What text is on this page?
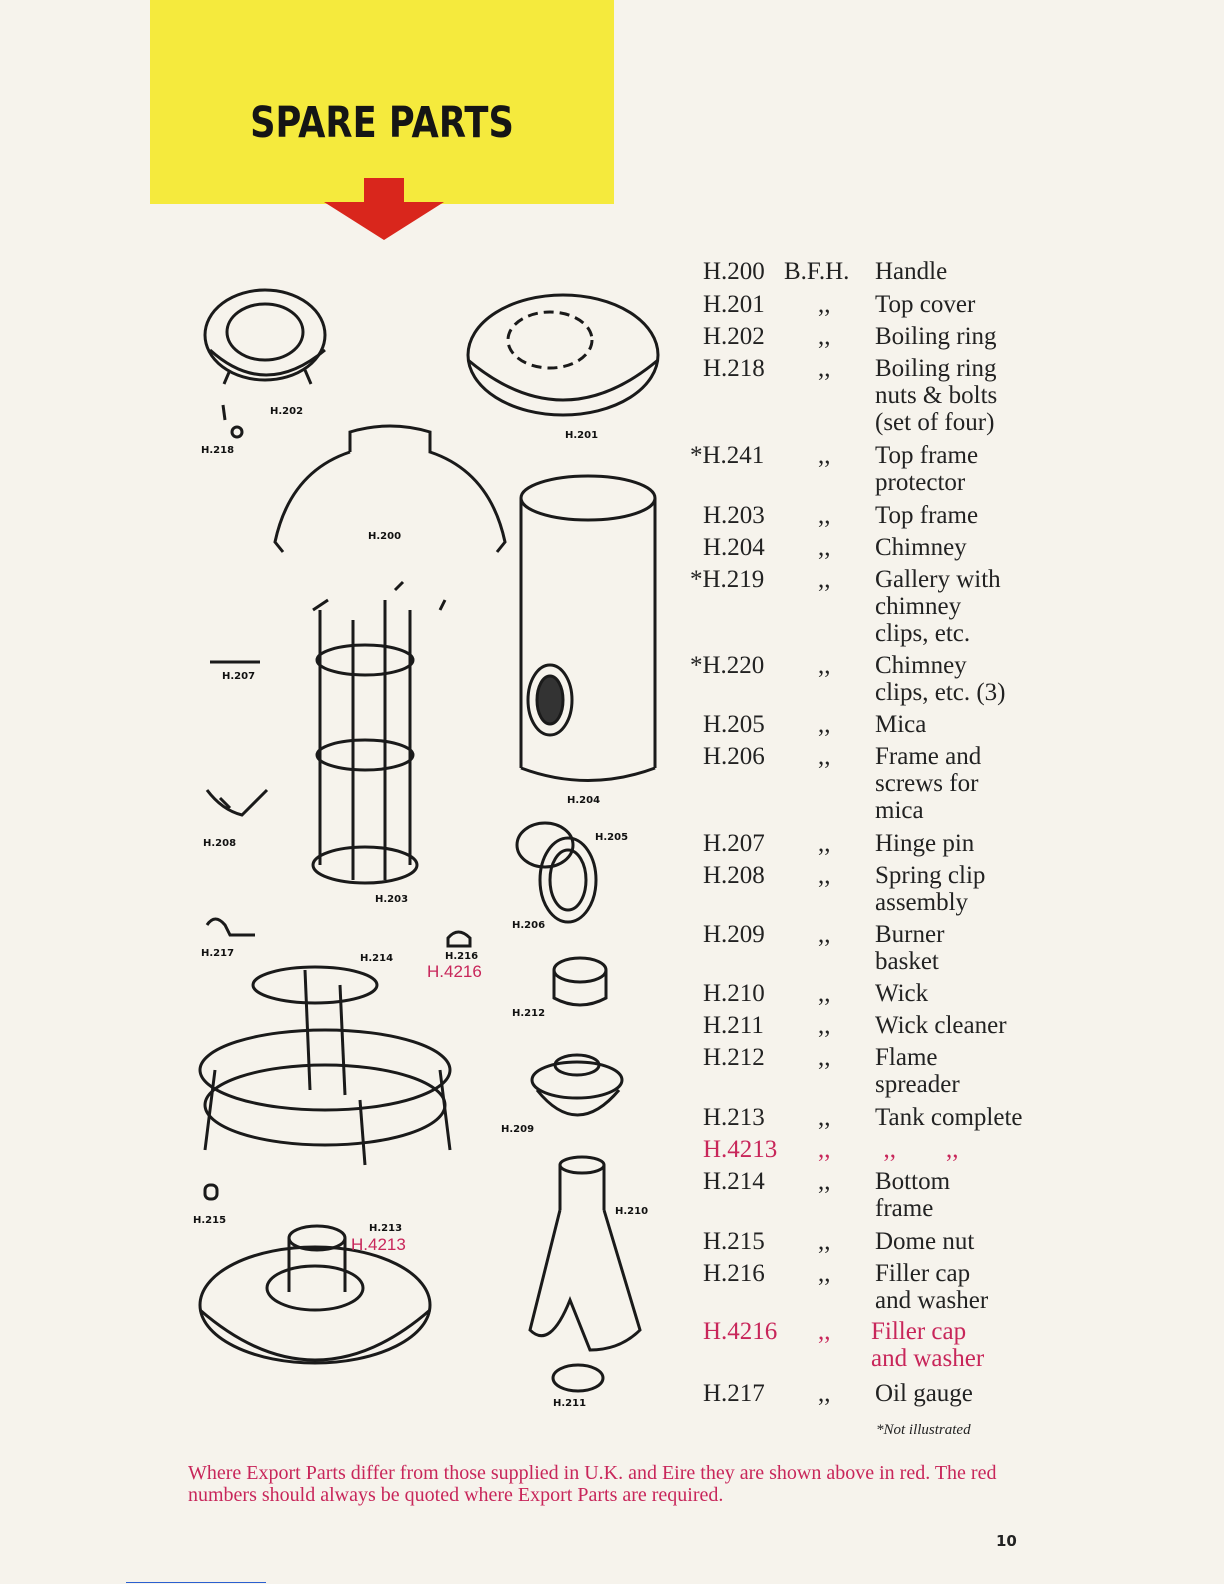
SPARE PARTS
H.202
H.218
H.201
H.200
H.207
H.204
H.208
H.205
H.203
H.206
H.217	H.214	H.216
H.4216
H.212
H.209
H.215
H.213
H.4213
H.210
H.211
H.200 B.F.H. Handle
H.201 ,, Top cover
H.202 ,, Boiling ring
H.218 ,, Boiling ring
nuts & bolts
(set of four)
*H.241 ,, Top frame
protector
H.203 ,, Top frame
H.204 ,, Chimney
*H.219 ,, Gallery with
chimney
clips, etc.
*H.220 ,, Chimney
clips, etc. (3)
H.205 ,, Mica
H.206 ,, Frame and
screws for
mica
H.207 ,, Hinge pin
H.208 ,, Spring clip
assembly
H.209 ,, Burner
basket
H.210 ,, Wick
H.211 ,, Wick cleaner
H.212 ,, Flame
spreader
H.213 ,, Tank complete
H.4213 ,, ,,        ,,
H.214 ,, Bottom
frame
H.215 ,, Dome nut
H.216 ,, Filler cap
and washer
H.4216 ,, Filler cap
and washer
H.217 ,, Oil gauge
*Not illustrated
Where Export Parts differ from those supplied in U.K. and Eire they are shown above in red. The red numbers should always be quoted where Export Parts are required.
10
